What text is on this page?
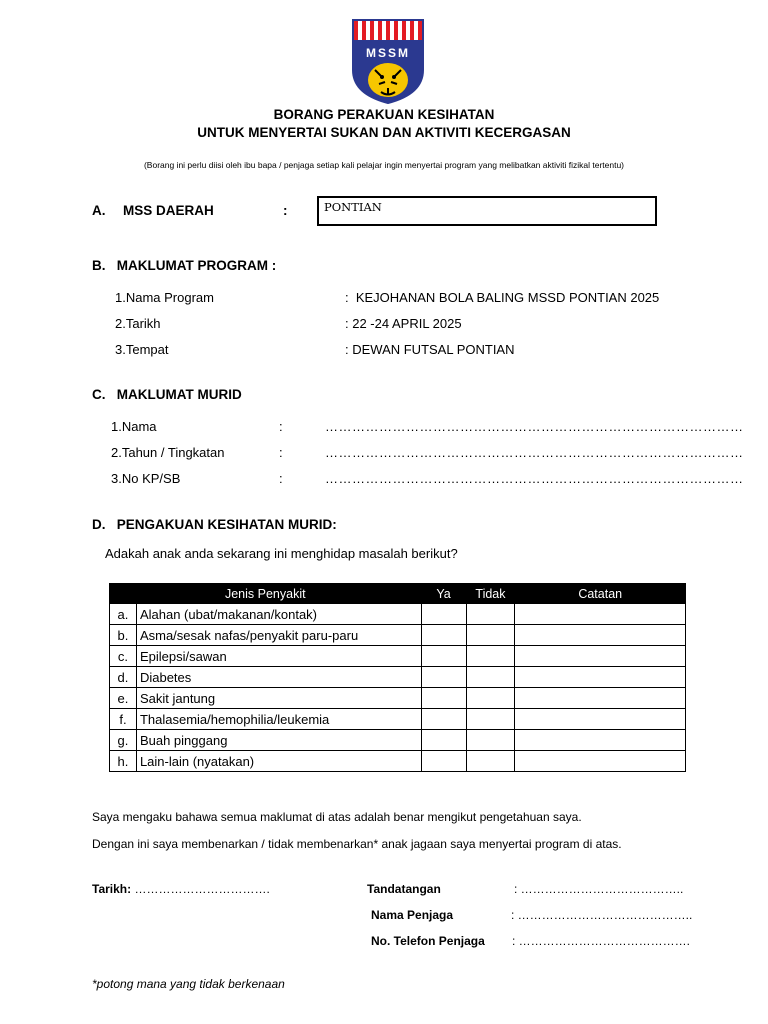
MSSM
BORANG PERAKUAN KESIHATAN
UNTUK MENYERTAI SUKAN DAN AKTIVITI KECERGASAN
(Borang ini perlu diisi oleh ibu bapa / penjaga setiap kali pelajar ingin menyertai program yang melibatkan aktiviti fizikal tertentu)
A. MSS DAERAH	:	PONTIAN
B.   MAKLUMAT PROGRAM :
1.Nama Program	:  KEJOHANAN BOLA BALING MSSD PONTIAN 2025
2.Tarikh	: 22 -24 APRIL 2025
3.Tempat	: DEWAN FUTSAL PONTIAN
C.   MAKLUMAT MURID
1.Nama	:	…………………………………………………………………………………
2.Tahun / Tingkatan	:	…………………………………………………………………………………
3.No KP/SB	:	…………………………………………………………………………………
D.   PENGAKUAN KESIHATAN MURID:
Adakah anak anda sekarang ini menghidap masalah berikut?
Jenis Penyakit		Ya	Tidak	Catatan
a.	Alahan (ubat/makanan/kontak)			
b.	Asma/sesak nafas/penyakit paru-paru			
c.	Epilepsi/sawan			
d.	Diabetes			
e.	Sakit jantung			
f.	Thalasemia/hemophilia/leukemia			
g.	Buah pinggang			
h.	Lain-lain (nyatakan)			
Saya mengaku bahawa semua maklumat di atas adalah benar mengikut pengetahuan saya.
Dengan ini saya membenarkan / tidak membenarkan* anak jagaan saya menyertai program di atas.
Tarikh: …………………………….	Tandatangan	: …………………………………..
Nama Penjaga	: ……………………………………..
No. Telefon Penjaga : …………………………………….
*potong mana yang tidak berkenaan
